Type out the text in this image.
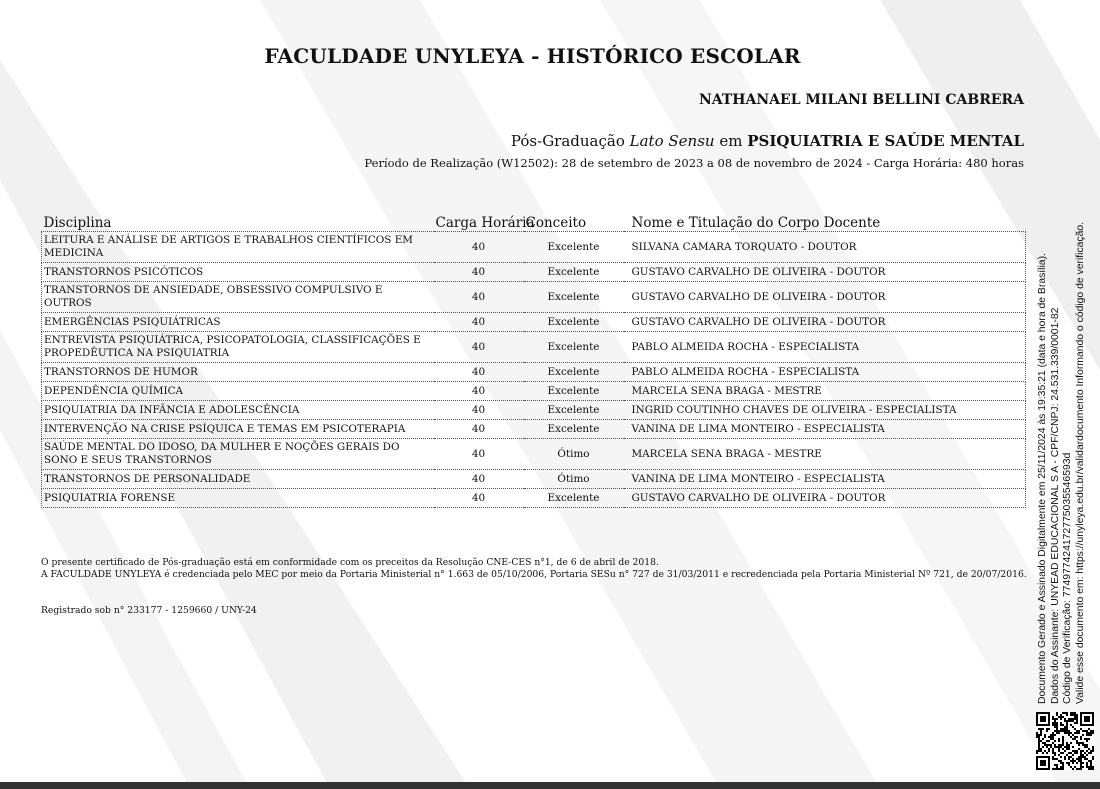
FACULDADE UNYLEYA - HISTÓRICO ESCOLAR

NATHANAEL MILANI BELLINI CABRERA

Pós-Graduação Lato Sensu em PSIQUIATRIA E SAÚDE MENTAL

Período de Realização (W12502): 28 de setembro de 2023 a 08 de novembro de 2024 - Carga Horária: 480 horas

Disciplina	Carga Horária	Conceito	Nome e Titulação do Corpo Docente
LEITURA E ANÁLISE DE ARTIGOS E TRABALHOS CIENTÍFICOS EM MEDICINA	40	Excelente	SILVANA CAMARA TORQUATO - DOUTOR
TRANSTORNOS PSICÓTICOS	40	Excelente	GUSTAVO CARVALHO DE OLIVEIRA - DOUTOR
TRANSTORNOS DE ANSIEDADE, OBSESSIVO COMPULSIVO E OUTROS	40	Excelente	GUSTAVO CARVALHO DE OLIVEIRA - DOUTOR
EMERGÊNCIAS PSIQUIÁTRICAS	40	Excelente	GUSTAVO CARVALHO DE OLIVEIRA - DOUTOR
ENTREVISTA PSIQUIÁTRICA, PSICOPATOLOGIA, CLASSIFICAÇÕES E PROPEDÊUTICA NA PSIQUIATRIA	40	Excelente	PABLO ALMEIDA ROCHA - ESPECIALISTA
TRANSTORNOS DE HUMOR	40	Excelente	PABLO ALMEIDA ROCHA - ESPECIALISTA
DEPENDÊNCIA QUÍMICA	40	Excelente	MARCELA SENA BRAGA - MESTRE
PSIQUIATRIA DA INFÂNCIA E ADOLESCÊNCIA	40	Excelente	INGRID COUTINHO CHAVES DE OLIVEIRA - ESPECIALISTA
INTERVENÇÃO NA CRISE PSÍQUICA E TEMAS EM PSICOTERAPIA	40	Excelente	VANINA DE LIMA MONTEIRO - ESPECIALISTA
SAÚDE MENTAL DO IDOSO, DA MULHER E NOÇÕES GERAIS DO SONO E SEUS TRANSTORNOS	40	Ótimo	MARCELA SENA BRAGA - MESTRE
TRANSTORNOS DE PERSONALIDADE	40	Ótimo	VANINA DE LIMA MONTEIRO - ESPECIALISTA
PSIQUIATRIA FORENSE	40	Excelente	GUSTAVO CARVALHO DE OLIVEIRA - DOUTOR

O presente certificado de Pós-graduação está em conformidade com os preceitos da Resolução CNE-CES n°1, de 6 de abril de 2018.
A FACULDADE UNYLEYA é credenciada pelo MEC por meio da Portaria Ministerial n° 1.663 de 05/10/2006, Portaria SESu n° 727 de 31/03/2011 e recredenciada pela Portaria Ministerial Nº 721, de 20/07/2016.

Registrado sob n° 233177 - 1259660 / UNY-24	Documento Gerado e Assinado Digitalmente em 25/11/2024 às 19:35:21 (data e hora de Brasília). Dados do Assinante: UNYEAD EDUCACIONAL S A - CPF/CNPJ: 24.531.339/0001-82 Código de Verificação: 774977424172775035546593d Valide esse documento em: https://unyleya.edu.br/validardocumento Informando o código de verificação.
